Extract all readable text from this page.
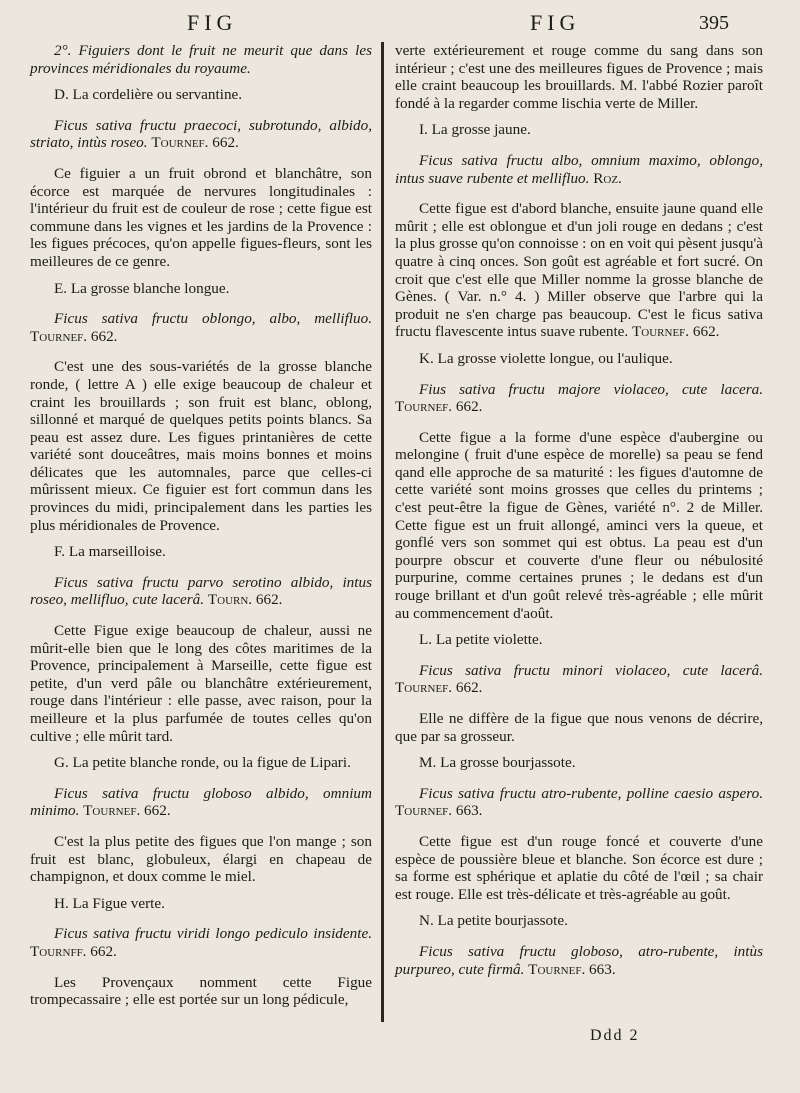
FIG	FIG	395

2°. Figuiers dont le fruit ne meurit que dans les provinces méridionales du royaume.

D. La cordelière ou servantine.

Ficus sativa fructu praecoci, subrotundo, albido, striato, intùs roseo. Tournef. 662.

Ce figuier a un fruit obrond et blanchâtre, son écorce est marquée de nervures longitudinales : l'intérieur du fruit est de couleur de rose ; cette figue est commune dans les vignes et les jardins de la Provence : les figues précoces, qu'on appelle figues-fleurs, sont les meilleures de ce genre.

E. La grosse blanche longue.

Ficus sativa fructu oblongo, albo, mellifluo. Tournef. 662.

C'est une des sous-variétés de la grosse blanche ronde, ( lettre A ) elle exige beaucoup de chaleur et craint les brouillards ; son fruit est blanc, oblong, sillonné et marqué de quelques petits points blancs. Sa peau est assez dure. Les figues printanières de cette variété sont douceâtres, mais moins bonnes et moins délicates que les automnales, parce que celles-ci mûrissent mieux. Ce figuier est fort commun dans les provinces du midi, principalement dans les parties les plus méridionales de Provence.

F. La marseilloise.

Ficus sativa fructu parvo serotino albido, intus roseo, mellifluo, cute lacerâ. Tourn. 662.

Cette Figue exige beaucoup de chaleur, aussi ne mûrit-elle bien que le long des côtes maritimes de la Provence, principalement à Marseille, cette figue est petite, d'un verd pâle ou blanchâtre extérieurement, rouge dans l'intérieur : elle passe, avec raison, pour la meilleure et la plus parfumée de toutes celles qu'on cultive ; elle mûrit tard.

G. La petite blanche ronde, ou la figue de Lipari.

Ficus sativa fructu globoso albido, omnium minimo. Tournef. 662.

C'est la plus petite des figues que l'on mange ; son fruit est blanc, globuleux, élargi en chapeau de champignon, et doux comme le miel.

H. La Figue verte.

Ficus sativa fructu viridi longo pediculo insidente. Tournff. 662.

Les Provençaux nomment cette Figue trompecassaire ; elle est portée sur un long pédicule,

verte extérieurement et rouge comme du sang dans son intérieur ; c'est une des meilleures figues de Provence ; mais elle craint beaucoup les brouillards. M. l'abbé Rozier paroît fondé à la regarder comme lischia verte de Miller.

I. La grosse jaune.

Ficus sativa fructu albo, omnium maximo, oblongo, intus suave rubente et mellifluo. Roz.

Cette figue est d'abord blanche, ensuite jaune quand elle mûrit ; elle est oblongue et d'un joli rouge en dedans ; c'est la plus grosse qu'on connoisse : on en voit qui pèsent jusqu'à quatre à cinq onces. Son goût est agréable et fort sucré. On croit que c'est elle que Miller nomme la grosse blanche de Gènes. ( Var. n.° 4. ) Miller observe que l'arbre qui la produit ne s'en charge pas beaucoup. C'est le ficus sativa fructu flavescente intus suave rubente. Tournef. 662.

K. La grosse violette longue, ou l'aulique.

Fius sativa fructu majore violaceo, cute lacera. Tournef. 662.

Cette figue a la forme d'une espèce d'aubergine ou melongine ( fruit d'une espèce de morelle) sa peau se fend qand elle approche de sa maturité : les figues d'automne de cette variété sont moins grosses que celles du printems ; c'est peut-être la figue de Gènes, variété n°. 2 de Miller. Cette figue est un fruit allongé, aminci vers la queue, et gonflé vers son sommet qui est obtus. La peau est d'un pourpre obscur et couverte d'une fleur ou nébulosité purpurine, comme certaines prunes ; le dedans est d'un rouge brillant et d'un goût relevé très-agréable ; elle mûrit au commencement d'août.

L. La petite violette.

Ficus sativa fructu minori violaceo, cute lacerâ. Tournef. 662.

Elle ne diffère de la figue que nous venons de décrire, que par sa grosseur.

M. La grosse bourjassote.

Ficus sativa fructu atro-rubente, polline caesio aspero. Tournef. 663.

Cette figue est d'un rouge foncé et couverte d'une espèce de poussière bleue et blanche. Son écorce est dure ; sa forme est sphérique et aplatie du côté de l'œil ; sa chair est rouge. Elle est très-délicate et très-agréable au goût.

N. La petite bourjassote.

Ficus sativa fructu globoso, atro-rubente, intùs purpureo, cute firmâ. Tournef. 663.

Ddd 2
